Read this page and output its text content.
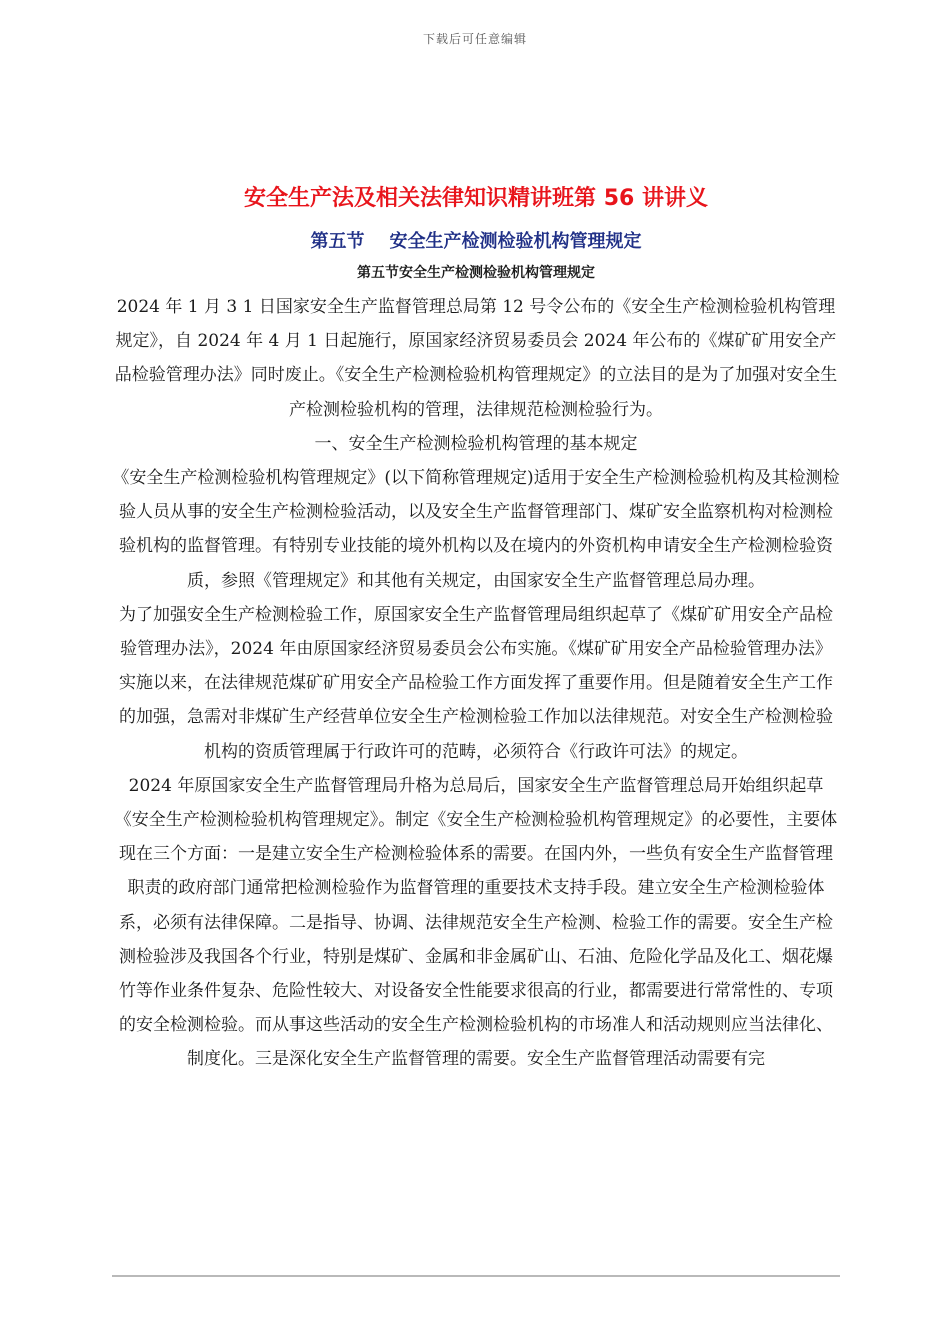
下载后可任意编辑
安全生产法及相关法律知识精讲班第 56 讲讲义
第五节    安全生产检测检验机构管理规定
第五节安全生产检测检验机构管理规定

2024 年 1 月 3 1 日国家安全生产监督管理总局第 12 号令公布的《安全生产检测检验机构管理规定》，自 2024 年 4 月 1 日起施行，原国家经济贸易委员会 2024 年公布的《煤矿矿用安全产品检验管理办法》同时废止。《安全生产检测检验机构管理规定》的立法目的是为了加强对安全生产检测检验机构的管理，法律规范检测检验行为。

一、安全生产检测检验机构管理的基本规定

《安全生产检测检验机构管理规定》(以下简称管理规定)适用于安全生产检测检验机构及其检测检验人员从事的安全生产检测检验活动，以及安全生产监督管理部门、煤矿安全监察机构对检测检验机构的监督管理。有特别专业技能的境外机构以及在境内的外资机构申请安全生产检测检验资质，参照《管理规定》和其他有关规定，由国家安全生产监督管理总局办理。

为了加强安全生产检测检验工作，原国家安全生产监督管理局组织起草了《煤矿矿用安全产品检验管理办法》，2024 年由原国家经济贸易委员会公布实施。《煤矿矿用安全产品检验管理办法》实施以来，在法律规范煤矿矿用安全产品检验工作方面发挥了重要作用。但是随着安全生产工作的加强，急需对非煤矿生产经营单位安全生产检测检验工作加以法律规范。对安全生产检测检验机构的资质管理属于行政许可的范畴，必须符合《行政许可法》的规定。

2024 年原国家安全生产监督管理局升格为总局后，国家安全生产监督管理总局开始组织起草《安全生产检测检验机构管理规定》。制定《安全生产检测检验机构管理规定》的必要性，主要体现在三个方面：一是建立安全生产检测检验体系的需要。在国内外，一些负有安全生产监督管理职责的政府部门通常把检测检验作为监督管理的重要技术支持手段。建立安全生产检测检验体系，必须有法律保障。二是指导、协调、法律规范安全生产检测、检验工作的需要。安全生产检测检验涉及我国各个行业，特别是煤矿、金属和非金属矿山、石油、危险化学品及化工、烟花爆竹等作业条件复杂、危险性较大、对设备安全性能要求很高的行业，都需要进行常常性的、专项的安全检测检验。而从事这些活动的安全生产检测检验机构的市场准人和活动规则应当法律化、制度化。三是深化安全生产监督管理的需要。安全生产监督管理活动需要有完
